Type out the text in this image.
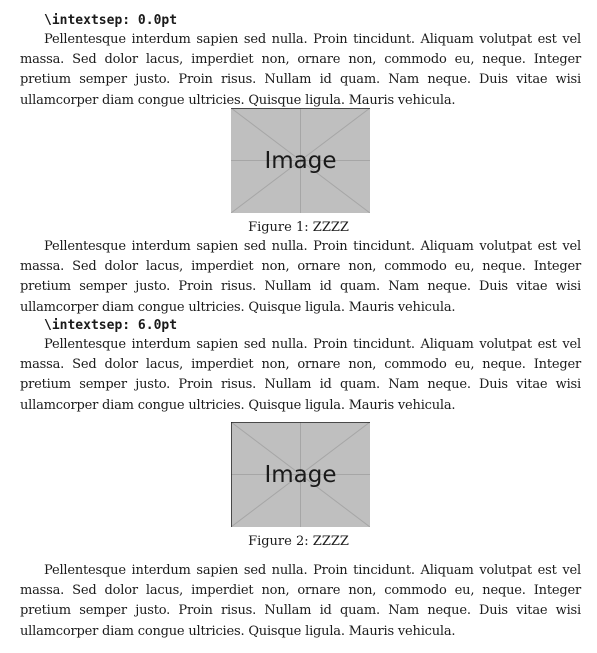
\intextsep: 0.0pt

Pellentesque interdum sapien sed nulla. Proin tincidunt. Aliquam volutpat est vel massa. Sed dolor lacus, imperdiet non, ornare non, commodo eu, neque. Integer pretium semper justo. Proin risus. Nullam id quam. Nam neque. Duis vitae wisi ullamcorper diam congue ultricies. Quisque ligula. Mauris vehicula.

Image
Figure 1: ZZZZ

Pellentesque interdum sapien sed nulla. Proin tincidunt. Aliquam volutpat est vel massa. Sed dolor lacus, imperdiet non, ornare non, commodo eu, neque. Integer pretium semper justo. Proin risus. Nullam id quam. Nam neque. Duis vitae wisi ullamcorper diam congue ultricies. Quisque ligula. Mauris vehicula.

\intextsep: 6.0pt

Pellentesque interdum sapien sed nulla. Proin tincidunt. Aliquam volutpat est vel massa. Sed dolor lacus, imperdiet non, ornare non, commodo eu, neque. Integer pretium semper justo. Proin risus. Nullam id quam. Nam neque. Duis vitae wisi ullamcorper diam congue ultricies. Quisque ligula. Mauris vehicula.

Image
Figure 2: ZZZZ

Pellentesque interdum sapien sed nulla. Proin tincidunt. Aliquam volutpat est vel massa. Sed dolor lacus, imperdiet non, ornare non, commodo eu, neque. Integer pretium semper justo. Proin risus. Nullam id quam. Nam neque. Duis vitae wisi ullamcorper diam congue ultricies. Quisque ligula. Mauris vehicula.
